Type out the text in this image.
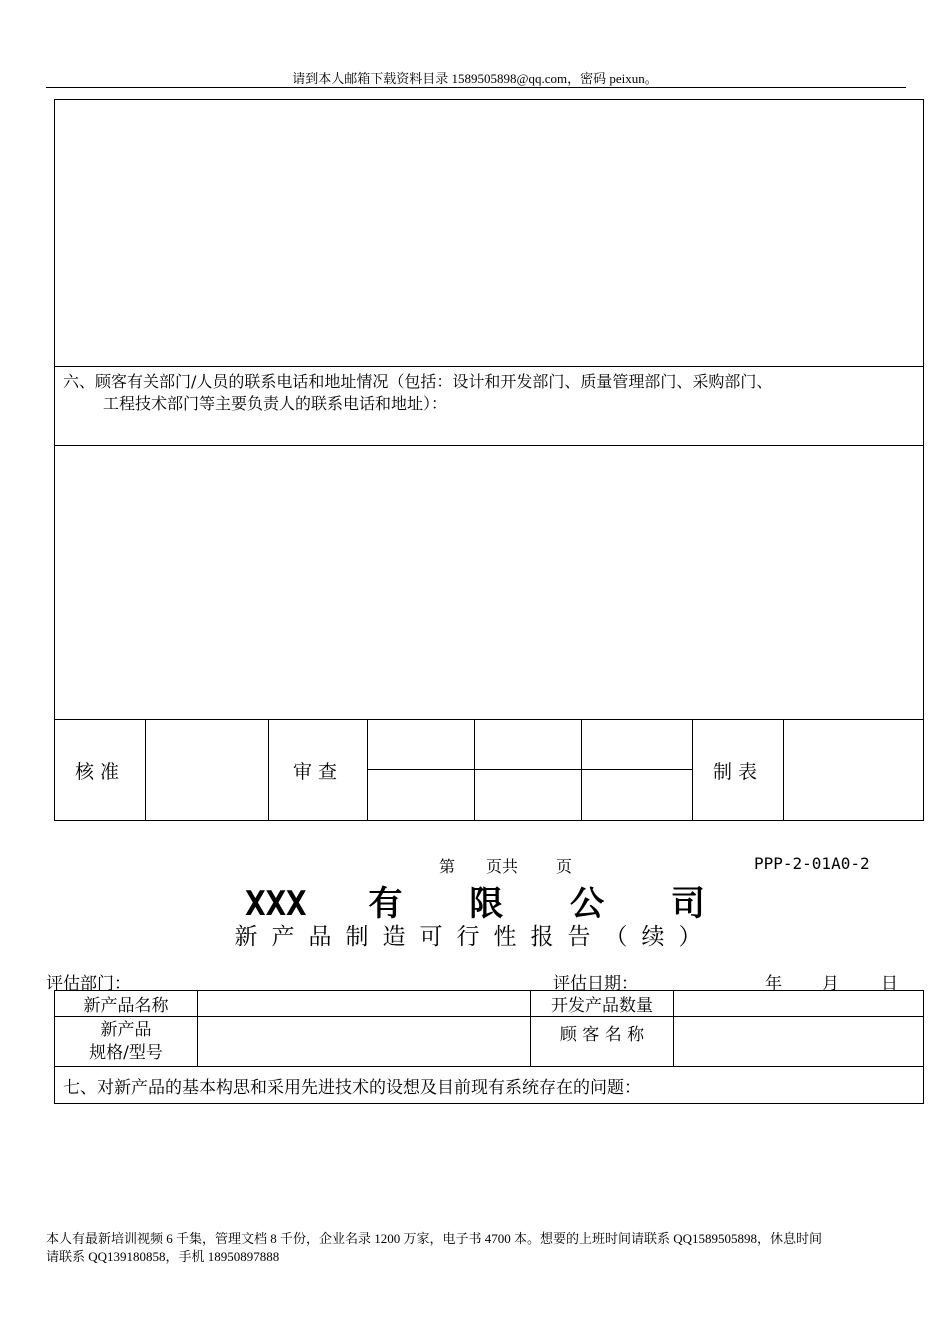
请到本人邮箱下载资料目录 1589505898@qq.com，密码 peixun。

六、顾客有关部门/人员的联系电话和地址情况（包括：设计和开发部门、质量管理部门、采购部门、
工程技术部门等主要负责人的联系电话和地址）：							

核准		审查				制表	

第 页共 页	PPP-2-01A0-2
XXX 有 限 公 司
新产品制造可行性报告（续）
评估部门：	评估日期：	年 月 日
新产品名称		开发产品数量	

新产品
规格/型号		顾 客 名 称	
七、对新产品的基本构思和采用先进技术的设想及目前现有系统存在的问题：			
本人有最新培训视频 6 千集，管理文档 8 千份，企业名录 1200 万家，电子书 4700 本。想要的上班时间请联系 QQ1589505898，休息时间
请联系 QQ139180858，手机 18950897888
